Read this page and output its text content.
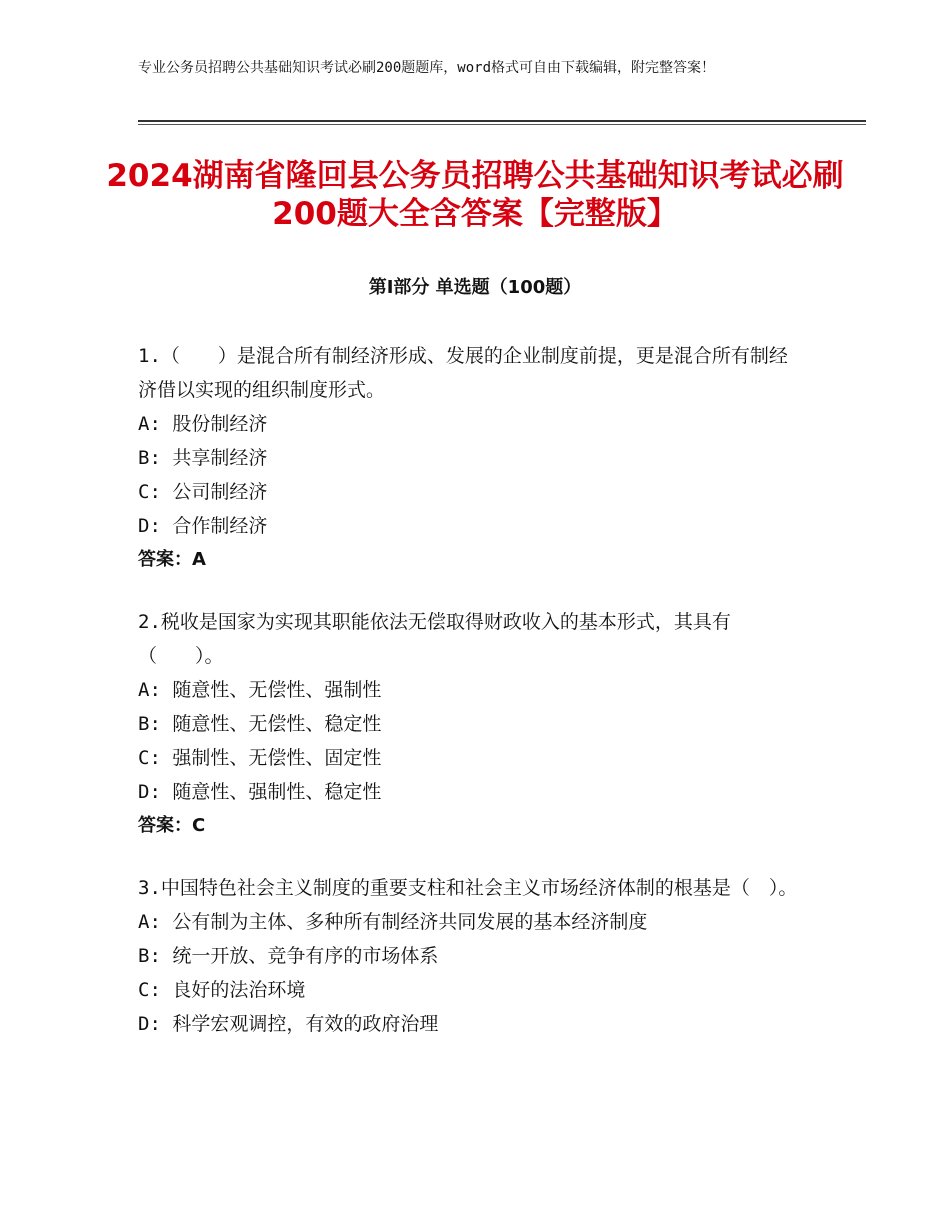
专业公务员招聘公共基础知识考试必刷200题题库，word格式可自由下载编辑，附完整答案！
2024湖南省隆回县公务员招聘公共基础知识考试必刷200题大全含答案【完整版】
第I部分 单选题（100题）

1.（　　）是混合所有制经济形成、发展的企业制度前提，更是混合所有制经济借以实现的组织制度形式。

A: 股份制经济

B: 共享制经济

C: 公司制经济

D: 合作制经济

答案：A

2.税收是国家为实现其职能依法无偿取得财政收入的基本形式，其具有（　　）。

A: 随意性、无偿性、强制性

B: 随意性、无偿性、稳定性

C: 强制性、无偿性、固定性

D: 随意性、强制性、稳定性

答案：C

3.中国特色社会主义制度的重要支柱和社会主义市场经济体制的根基是（　）。

A: 公有制为主体、多种所有制经济共同发展的基本经济制度

B: 统一开放、竞争有序的市场体系

C: 良好的法治环境

D: 科学宏观调控，有效的政府治理
